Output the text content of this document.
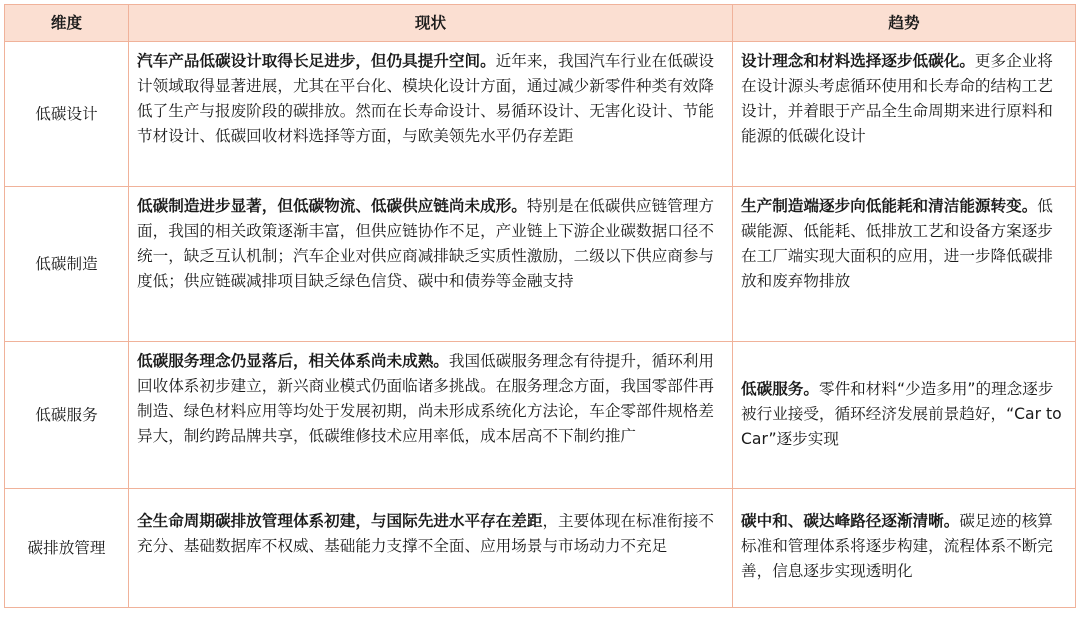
维度	现状	趋势
低碳设计
汽车产品低碳设计取得长足进步，但仍具提升空间。近年来，我国汽车行业在低碳设计领域取得显著进展，尤其在平台化、模块化设计方面，通过减少新零件种类有效降低了生产与报废阶段的碳排放。然而在长寿命设计、易循环设计、无害化设计、节能节材设计、低碳回收材料选择等方面，与欧美领先水平仍存差距
设计理念和材料选择逐步低碳化。更多企业将在设计源头考虑循环使用和长寿命的结构工艺设计，并着眼于产品全生命周期来进行原料和能源的低碳化设计
低碳制造
低碳制造进步显著，但低碳物流、低碳供应链尚未成形。特别是在低碳供应链管理方面，我国的相关政策逐渐丰富，但供应链协作不足，产业链上下游企业碳数据口径不统一，缺乏互认机制；汽车企业对供应商减排缺乏实质性激励，二级以下供应商参与度低；供应链碳减排项目缺乏绿色信贷、碳中和债券等金融支持
生产制造端逐步向低能耗和清洁能源转变。低碳能源、低能耗、低排放工艺和设备方案逐步在工厂端实现大面积的应用，进一步降低碳排放和废弃物排放
低碳服务
低碳服务理念仍显落后，相关体系尚未成熟。我国低碳服务理念有待提升，循环利用回收体系初步建立，新兴商业模式仍面临诸多挑战。在服务理念方面，我国零部件再制造、绿色材料应用等均处于发展初期，尚未形成系统化方法论，车企零部件规格差异大，制约跨品牌共享，低碳维修技术应用率低，成本居高不下制约推广
低碳服务。零件和材料“少造多用”的理念逐步被行业接受，循环经济发展前景趋好，“Car to Car”逐步实现
碳排放管理
全生命周期碳排放管理体系初建，与国际先进水平存在差距，主要体现在标准衔接不充分、基础数据库不权威、基础能力支撑不全面、应用场景与市场动力不充足
碳中和、碳达峰路径逐渐清晰。碳足迹的核算标准和管理体系将逐步构建，流程体系不断完善，信息逐步实现透明化
